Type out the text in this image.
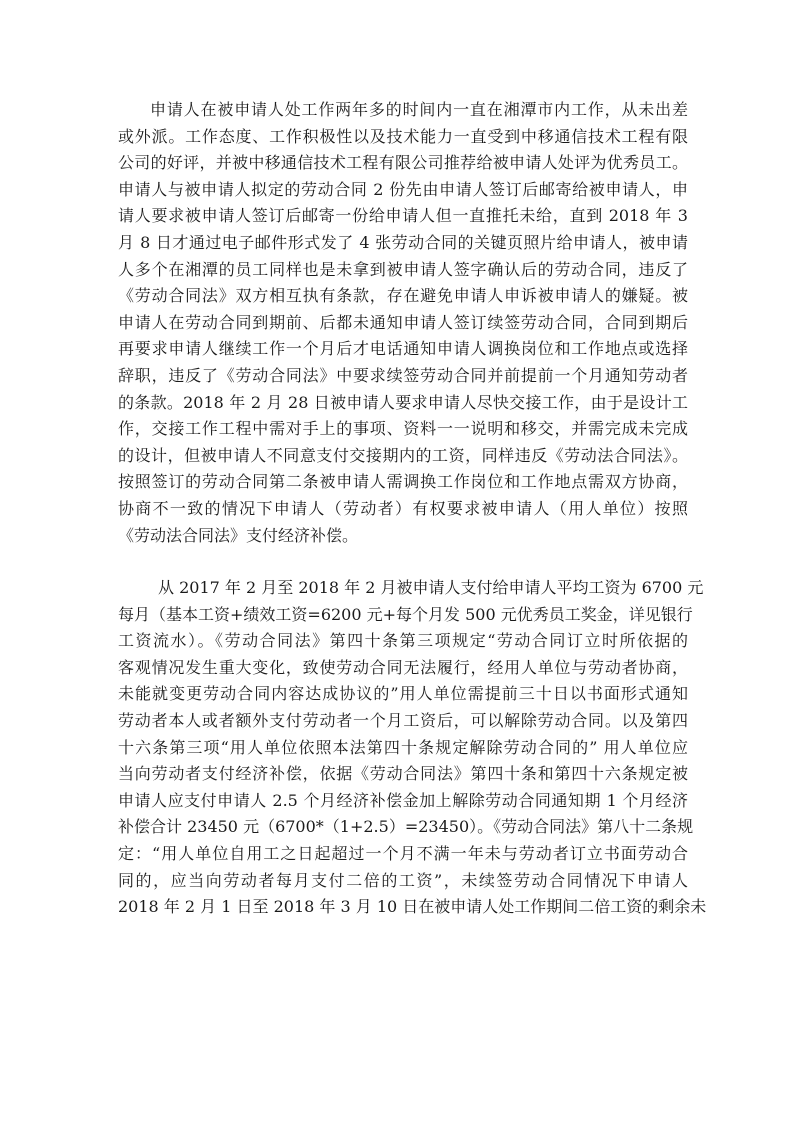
申请人在被申请人处工作两年多的时间内一直在湘潭市内工作，从未出差
或外派。工作态度、工作积极性以及技术能力一直受到中移通信技术工程有限
公司的好评，并被中移通信技术工程有限公司推荐给被申请人处评为优秀员工。
申请人与被申请人拟定的劳动合同 2 份先由申请人签订后邮寄给被申请人，申
请人要求被申请人签订后邮寄一份给申请人但一直推托未给，直到 2018 年 3
月 8 日才通过电子邮件形式发了 4 张劳动合同的关键页照片给申请人，被申请
人多个在湘潭的员工同样也是未拿到被申请人签字确认后的劳动合同，违反了
《劳动合同法》双方相互执有条款，存在避免申请人申诉被申请人的嫌疑。被
申请人在劳动合同到期前、后都未通知申请人签订续签劳动合同，合同到期后
再要求申请人继续工作一个月后才电话通知申请人调换岗位和工作地点或选择
辞职，违反了《劳动合同法》中要求续签劳动合同并前提前一个月通知劳动者
的条款。2018 年 2 月 28 日被申请人要求申请人尽快交接工作，由于是设计工
作，交接工作工程中需对手上的事项、资料一一说明和移交，并需完成未完成
的设计，但被申请人不同意支付交接期内的工资，同样违反《劳动法合同法》。
按照签订的劳动合同第二条被申请人需调换工作岗位和工作地点需双方协商，
协商不一致的情况下申请人（劳动者）有权要求被申请人（用人单位）按照
《劳动法合同法》支付经济补偿。
从 2017 年 2 月至 2018 年 2 月被申请人支付给申请人平均工资为 6700 元
每月（基本工资+绩效工资=6200 元+每个月发 500 元优秀员工奖金，详见银行
工资流水）。《劳动合同法》第四十条第三项规定“劳动合同订立时所依据的
客观情况发生重大变化，致使劳动合同无法履行，经用人单位与劳动者协商，
未能就变更劳动合同内容达成协议的”用人单位需提前三十日以书面形式通知
劳动者本人或者额外支付劳动者一个月工资后，可以解除劳动合同。以及第四
十六条第三项“用人单位依照本法第四十条规定解除劳动合同的” 用人单位应
当向劳动者支付经济补偿，依据《劳动合同法》第四十条和第四十六条规定被
申请人应支付申请人 2.5 个月经济补偿金加上解除劳动合同通知期 1 个月经济
补偿合计 23450 元（6700*（1+2.5）=23450）。《劳动合同法》第八十二条规
定：“用人单位自用工之日起超过一个月不满一年未与劳动者订立书面劳动合
同的，应当向劳动者每月支付二倍的工资”，未续签劳动合同情况下申请人
2018 年 2 月 1 日至 2018 年 3 月 10 日在被申请人处工作期间二倍工资的剩余未
